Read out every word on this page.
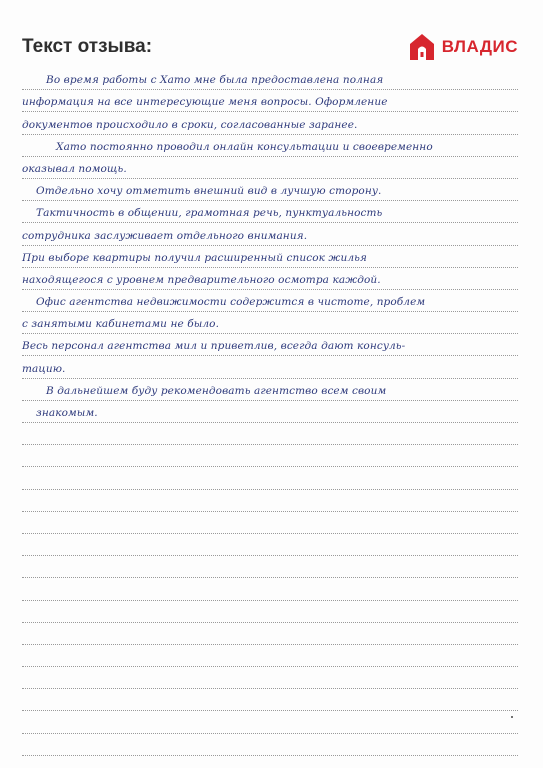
Текст отзыва:	ВЛАДИС
Во время работы с Хато мне была предоставлена полная
информация на все интересующие меня вопросы. Оформление
документов происходило в сроки, согласованные заранее.
Хато постоянно проводил онлайн консультации и своевременно
оказывал помощь.
Отдельно хочу отметить внешний вид в лучшую сторону.
Тактичность в общении, грамотная речь, пунктуальность
сотрудника заслуживает отдельного внимания.
При выборе квартиры получил расширенный список жилья
находящегося с уровнем предварительного осмотра каждой.
Офис агентства недвижимости содержится в чистоте, проблем
с занятыми кабинетами не было.
Весь персонал агентства мил и приветлив, всегда дают консуль-
тацию.
В дальнейшем буду рекомендовать агентство всем своим
знакомым.
